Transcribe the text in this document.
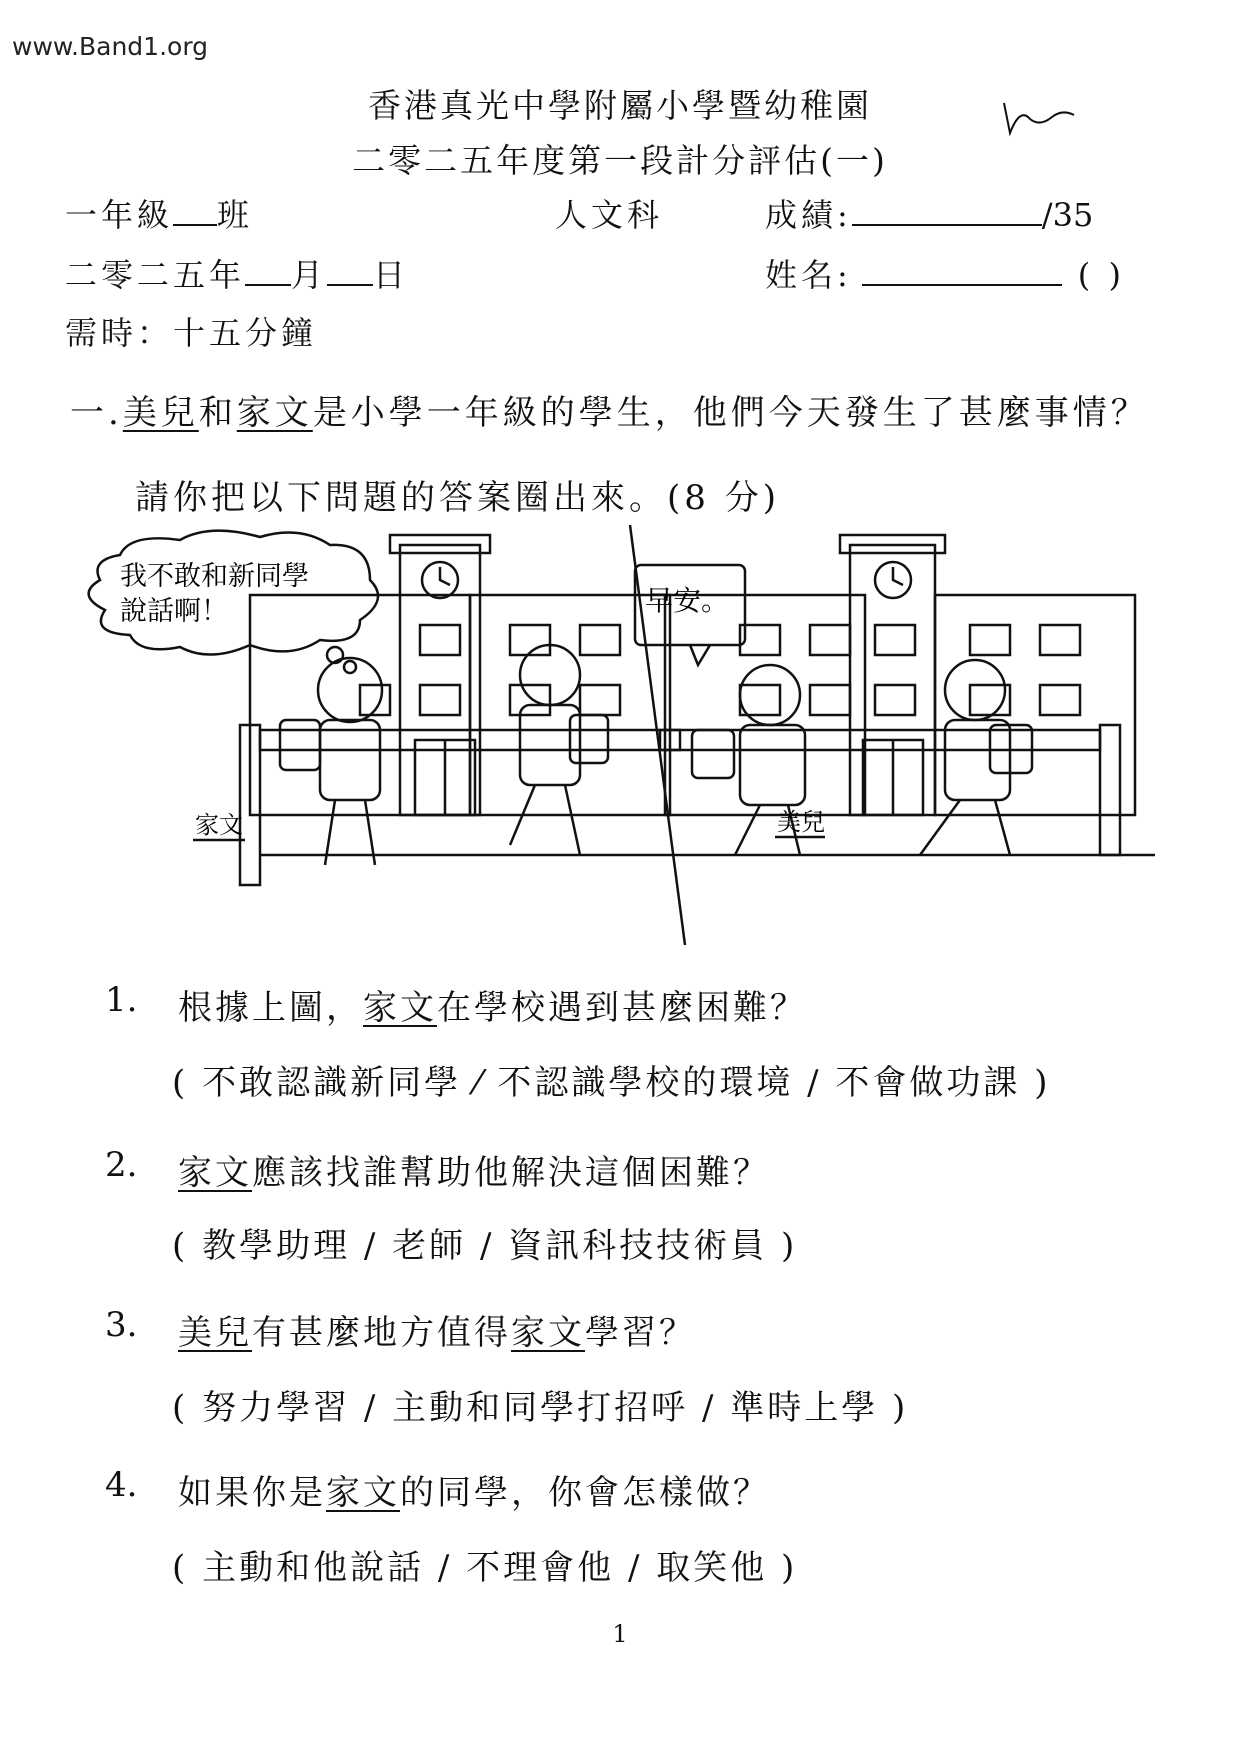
www.Band1.org
香港真光中學附屬小學暨幼稚園
二零二五年度第一段計分評估(一)
一年級 班	人文科	成績:	/35
二零二五年 月 日	姓名:	( )
需時：十五分鐘
一.美兒和家文是小學一年級的學生，他們今天發生了甚麼事情？
請你把以下問題的答案圈出來。(8 分)
我不敢和新同學
說話啊！	早安。
家文	美兒
1. 根據上圖，家文在學校遇到甚麼困難？
( 不敢認識新同學 ⁄ 不認識學校的環境 / 不會做功課 )
2. 家文應該找誰幫助他解決這個困難？
( 教學助理 / 老師 / 資訊科技技術員 )
3. 美兒有甚麼地方值得家文學習？
( 努力學習 / 主動和同學打招呼 / 準時上學 )
4. 如果你是家文的同學，你會怎樣做？
( 主動和他說話 / 不理會他 / 取笑他 )
1
